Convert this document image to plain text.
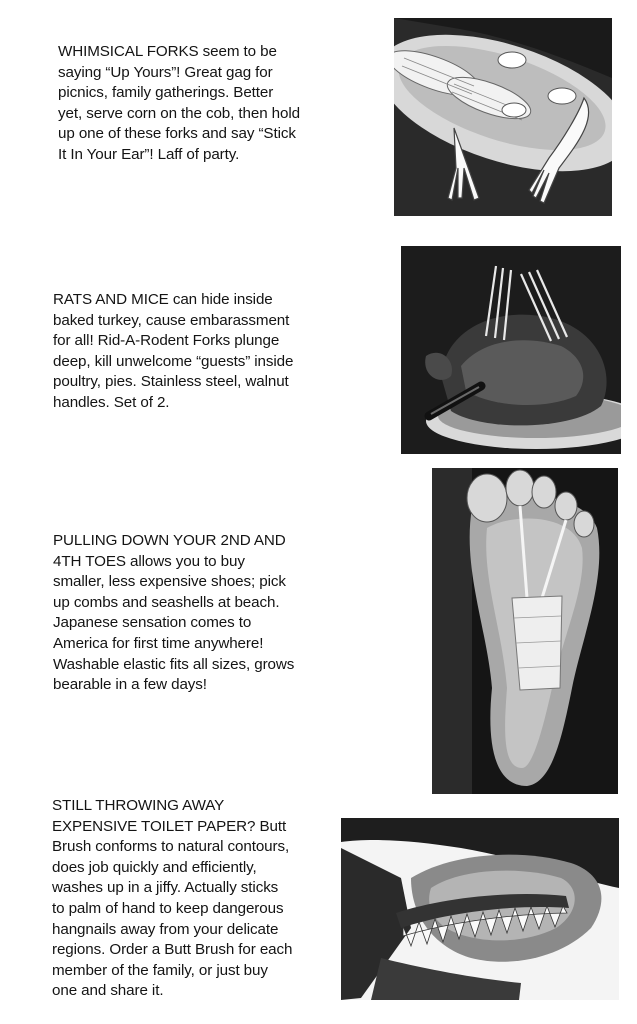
WHIMSICAL FORKS seem to be
saying “Up Yours”! Great gag for
picnics, family gatherings. Better
yet, serve corn on the cob, then hold
up one of these forks and say “Stick
It In Your Ear”! Laff of party.

RATS AND MICE can hide inside
baked turkey, cause embarassment
for all! Rid-A-Rodent Forks plunge
deep, kill unwelcome “guests” inside
poultry, pies. Stainless steel, walnut
handles. Set of 2.

PULLING DOWN YOUR 2ND AND
4TH TOES allows you to buy
smaller, less expensive shoes; pick
up combs and seashells at beach.
Japanese sensation comes to
America for first time anywhere!
Washable elastic fits all sizes, grows
bearable in a few days!

STILL THROWING AWAY
EXPENSIVE TOILET PAPER? Butt
Brush conforms to natural contours,
does job quickly and efficiently,
washes up in a jiffy. Actually sticks
to palm of hand to keep dangerous
hangnails away from your delicate
regions. Order a Butt Brush for each
member of the family, or just buy
one and share it.
